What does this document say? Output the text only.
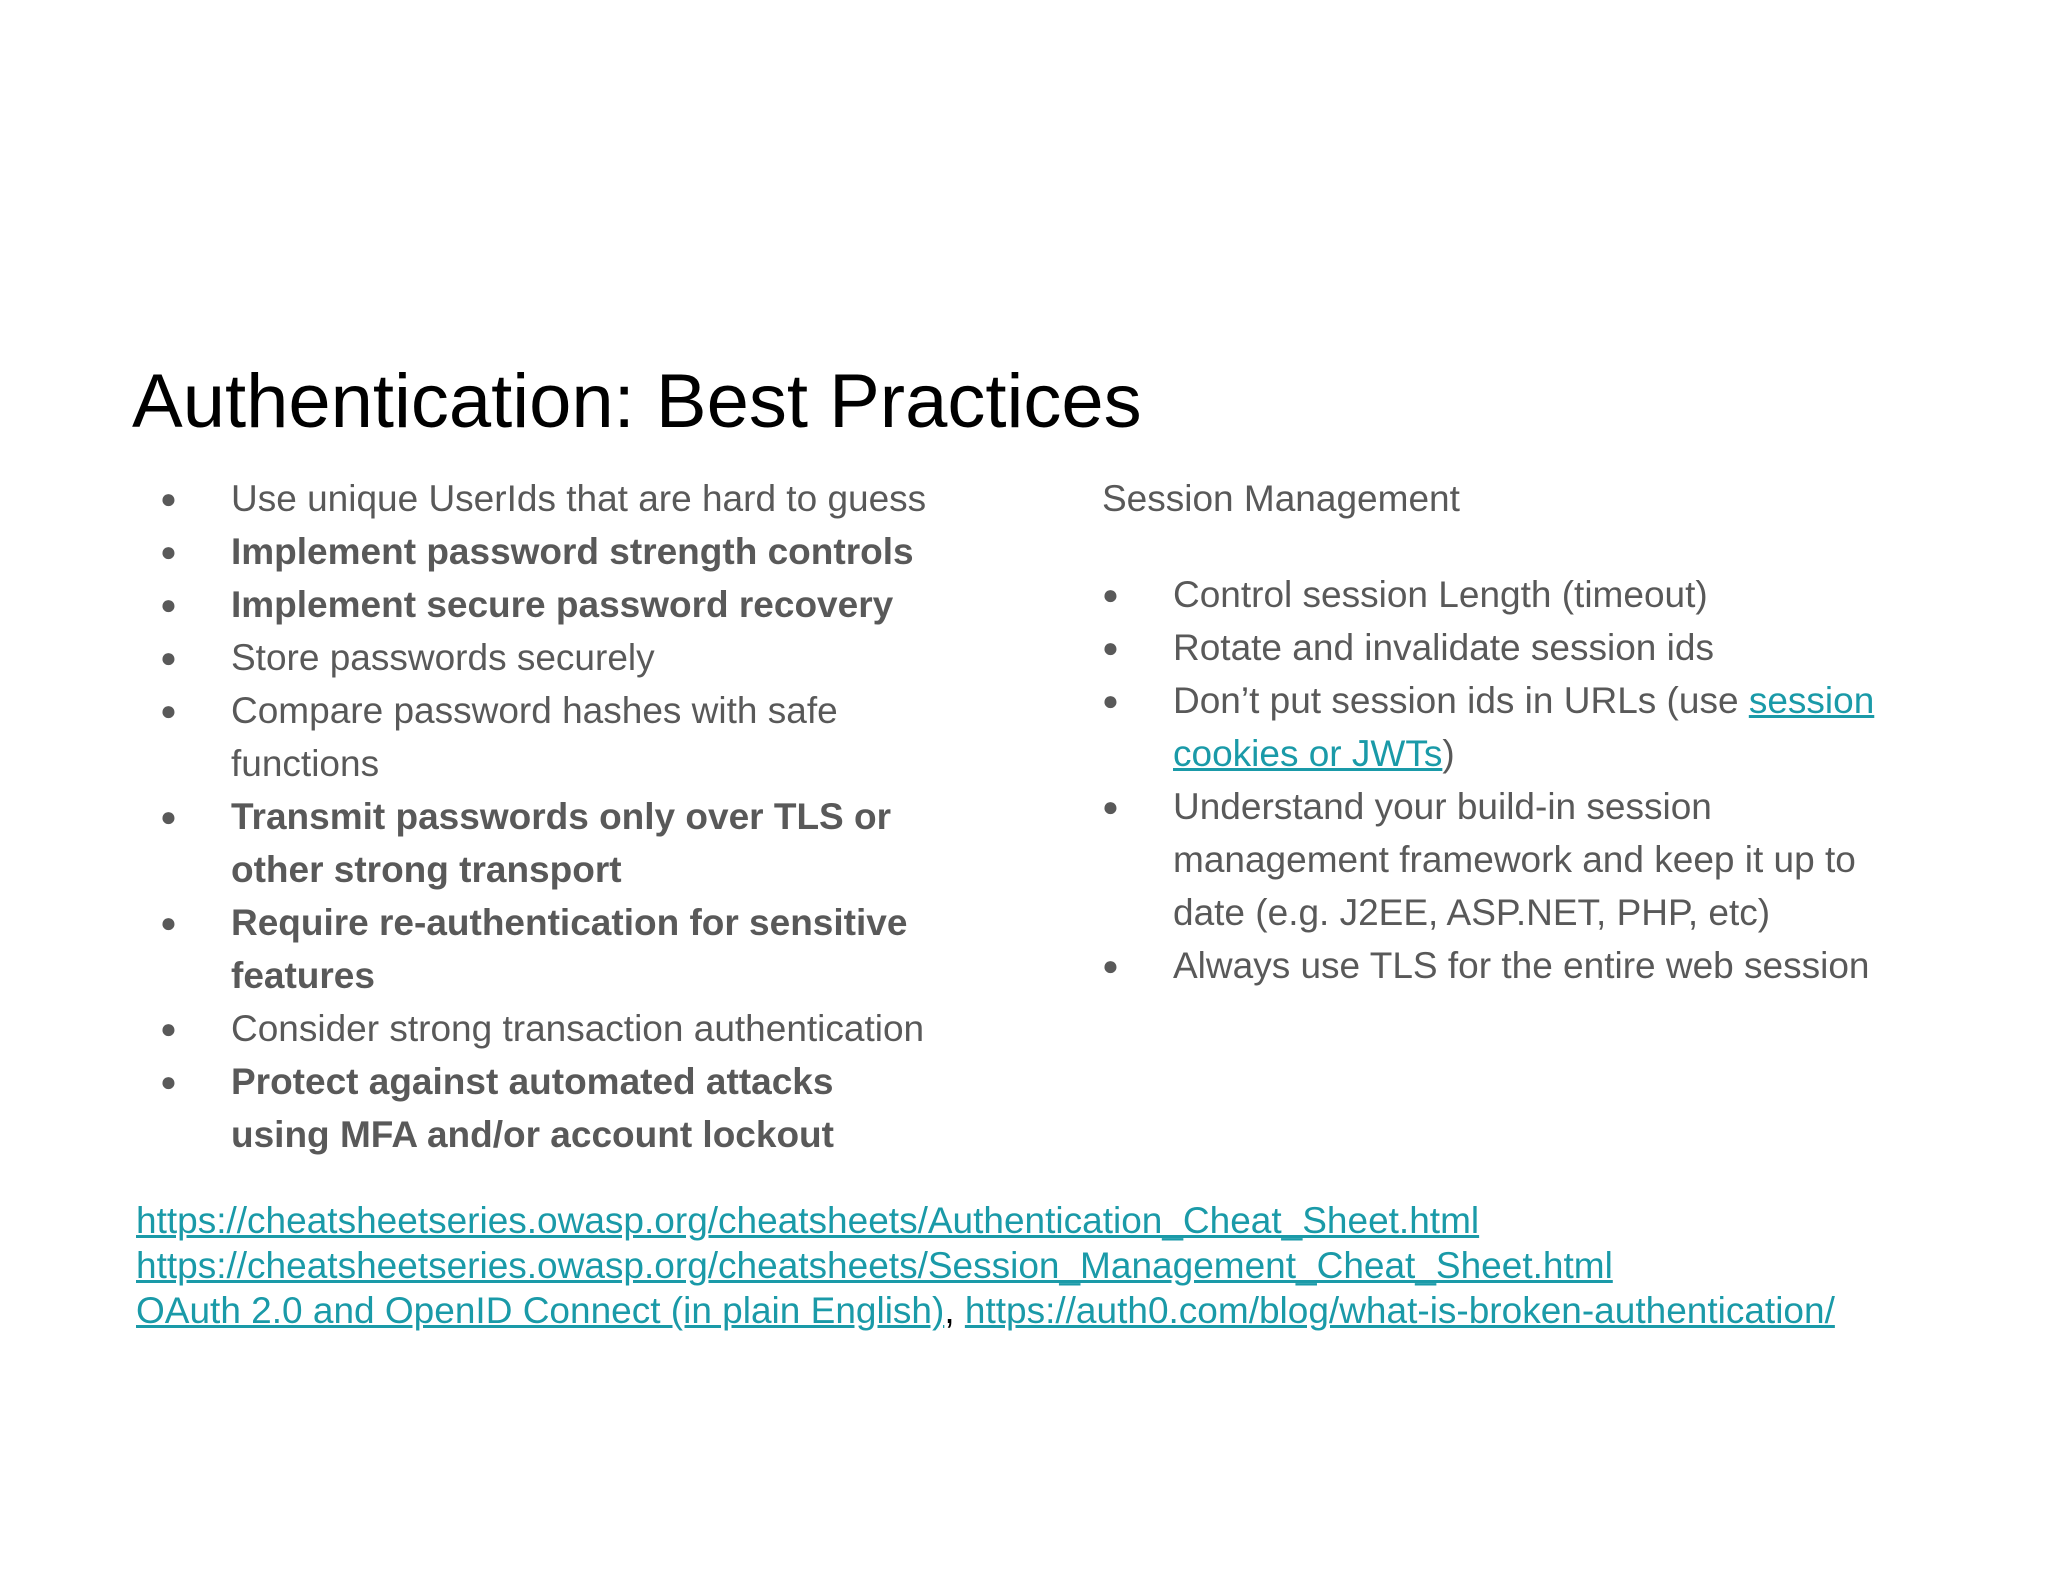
Authentication: Best Practices
● Use unique UserIds that are hard to guess
● Implement password strength controls
● Implement secure password recovery
● Store passwords securely
● Compare password hashes with safe
functions
● Transmit passwords only over TLS or
other strong transport
● Require re-authentication for sensitive
features
● Consider strong transaction authentication
● Protect against automated attacks
using MFA and/or account lockout

Session Management

● Control session Length (timeout)
● Rotate and invalidate session ids
● Don’t put session ids in URLs (use session
cookies or JWTs)
● Understand your build-in session
management framework and keep it up to
date (e.g. J2EE, ASP.NET, PHP, etc)
● Always use TLS for the entire web session
https://cheatsheetseries.owasp.org/cheatsheets/Authentication_Cheat_Sheet.html
https://cheatsheetseries.owasp.org/cheatsheets/Session_Management_Cheat_Sheet.html
OAuth 2.0 and OpenID Connect (in plain English), https://auth0.com/blog/what-is-broken-authentication/
